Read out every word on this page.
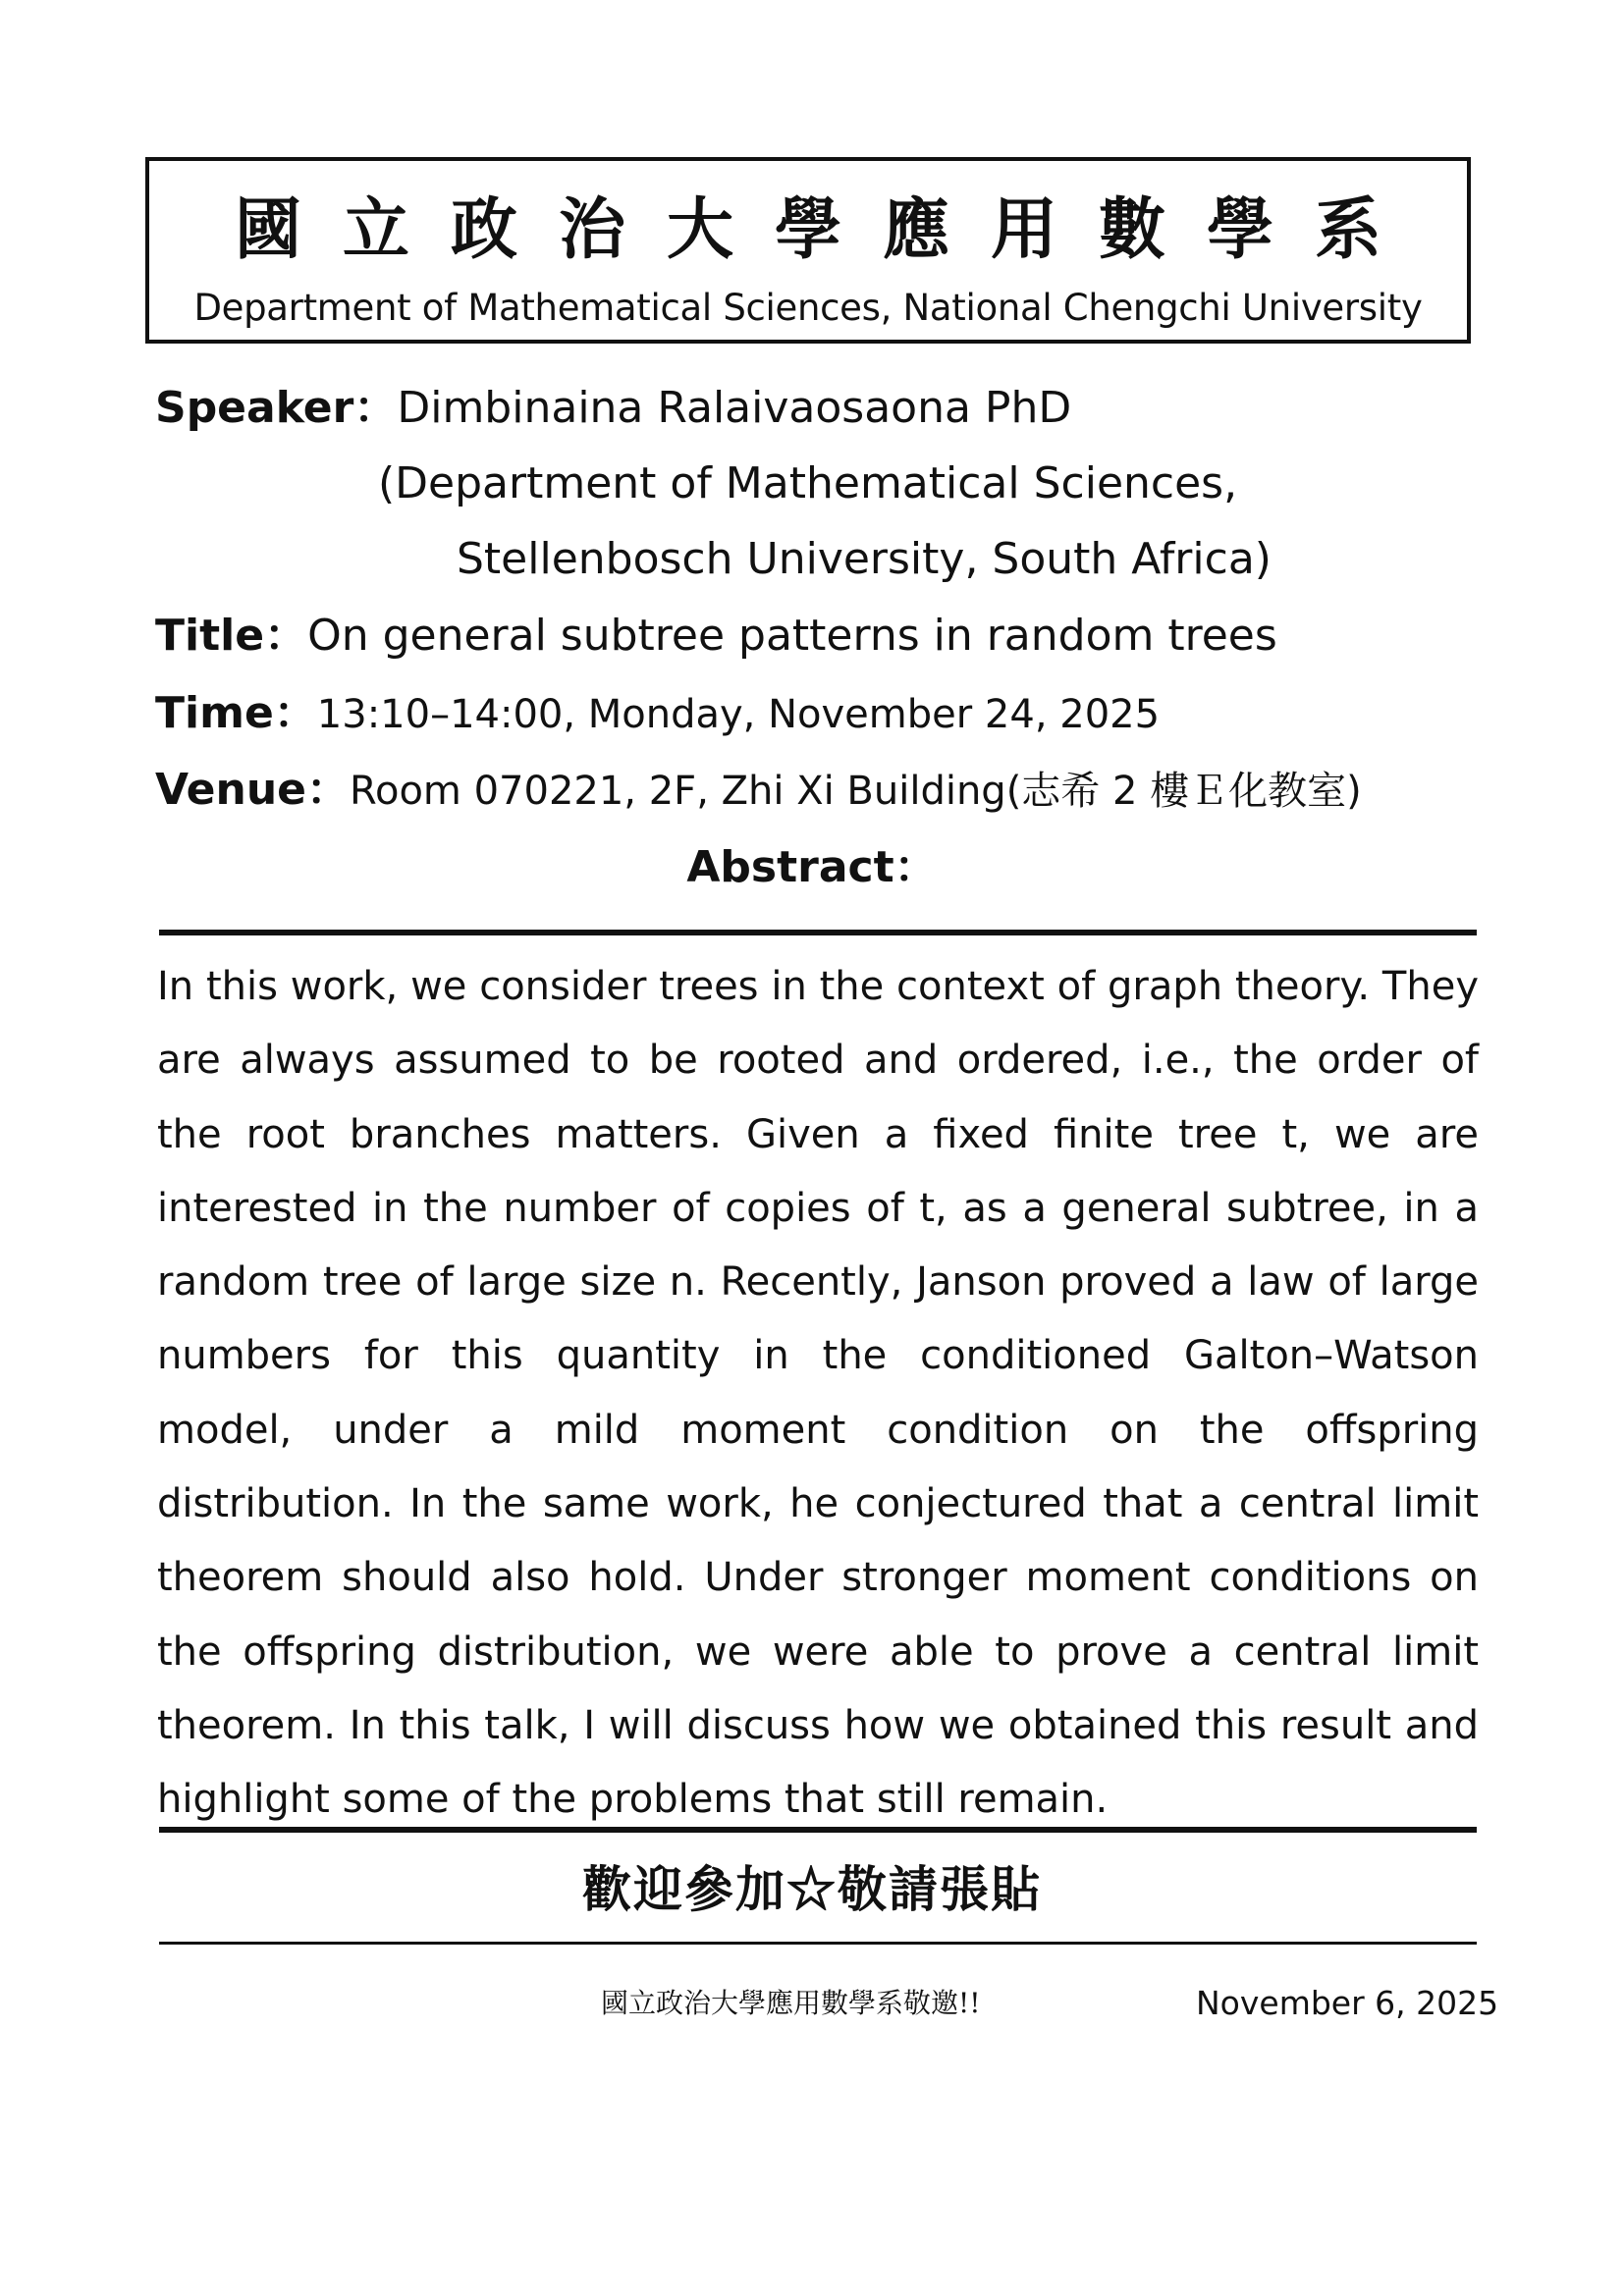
國立政治大學應用數學系
Department of Mathematical Sciences, National Chengchi University
Speaker：Dimbinaina Ralaivaosaona PhD
(Department of Mathematical Sciences,
Stellenbosch University, South Africa)
Title：On general subtree patterns in random trees
Time：13:10–14:00, Monday, November 24, 2025
Venue：Room 070221, 2F, Zhi Xi Building(志希 2 樓Ｅ化教室)
Abstract：

In this work, we consider trees in the context of graph theory. They are always assumed to be rooted and ordered, i.e., the order of the root branches matters. Given a fixed finite tree t, we are interested in the number of copies of t, as a general subtree, in a random tree of large size n. Recently, Janson proved a law of large numbers for this quantity in the conditioned Galton–Watson model, under a mild moment condition on the offspring distribution. In the same work, he conjectured that a central limit theorem should also hold. Under stronger moment conditions on the offspring distribution, we were able to prove a central limit theorem. In this talk, I will discuss how we obtained this result and highlight some of the problems that still remain.

歡迎參加☆敬請張貼
國立政治大學應用數學系敬邀!!	November 6, 2025
